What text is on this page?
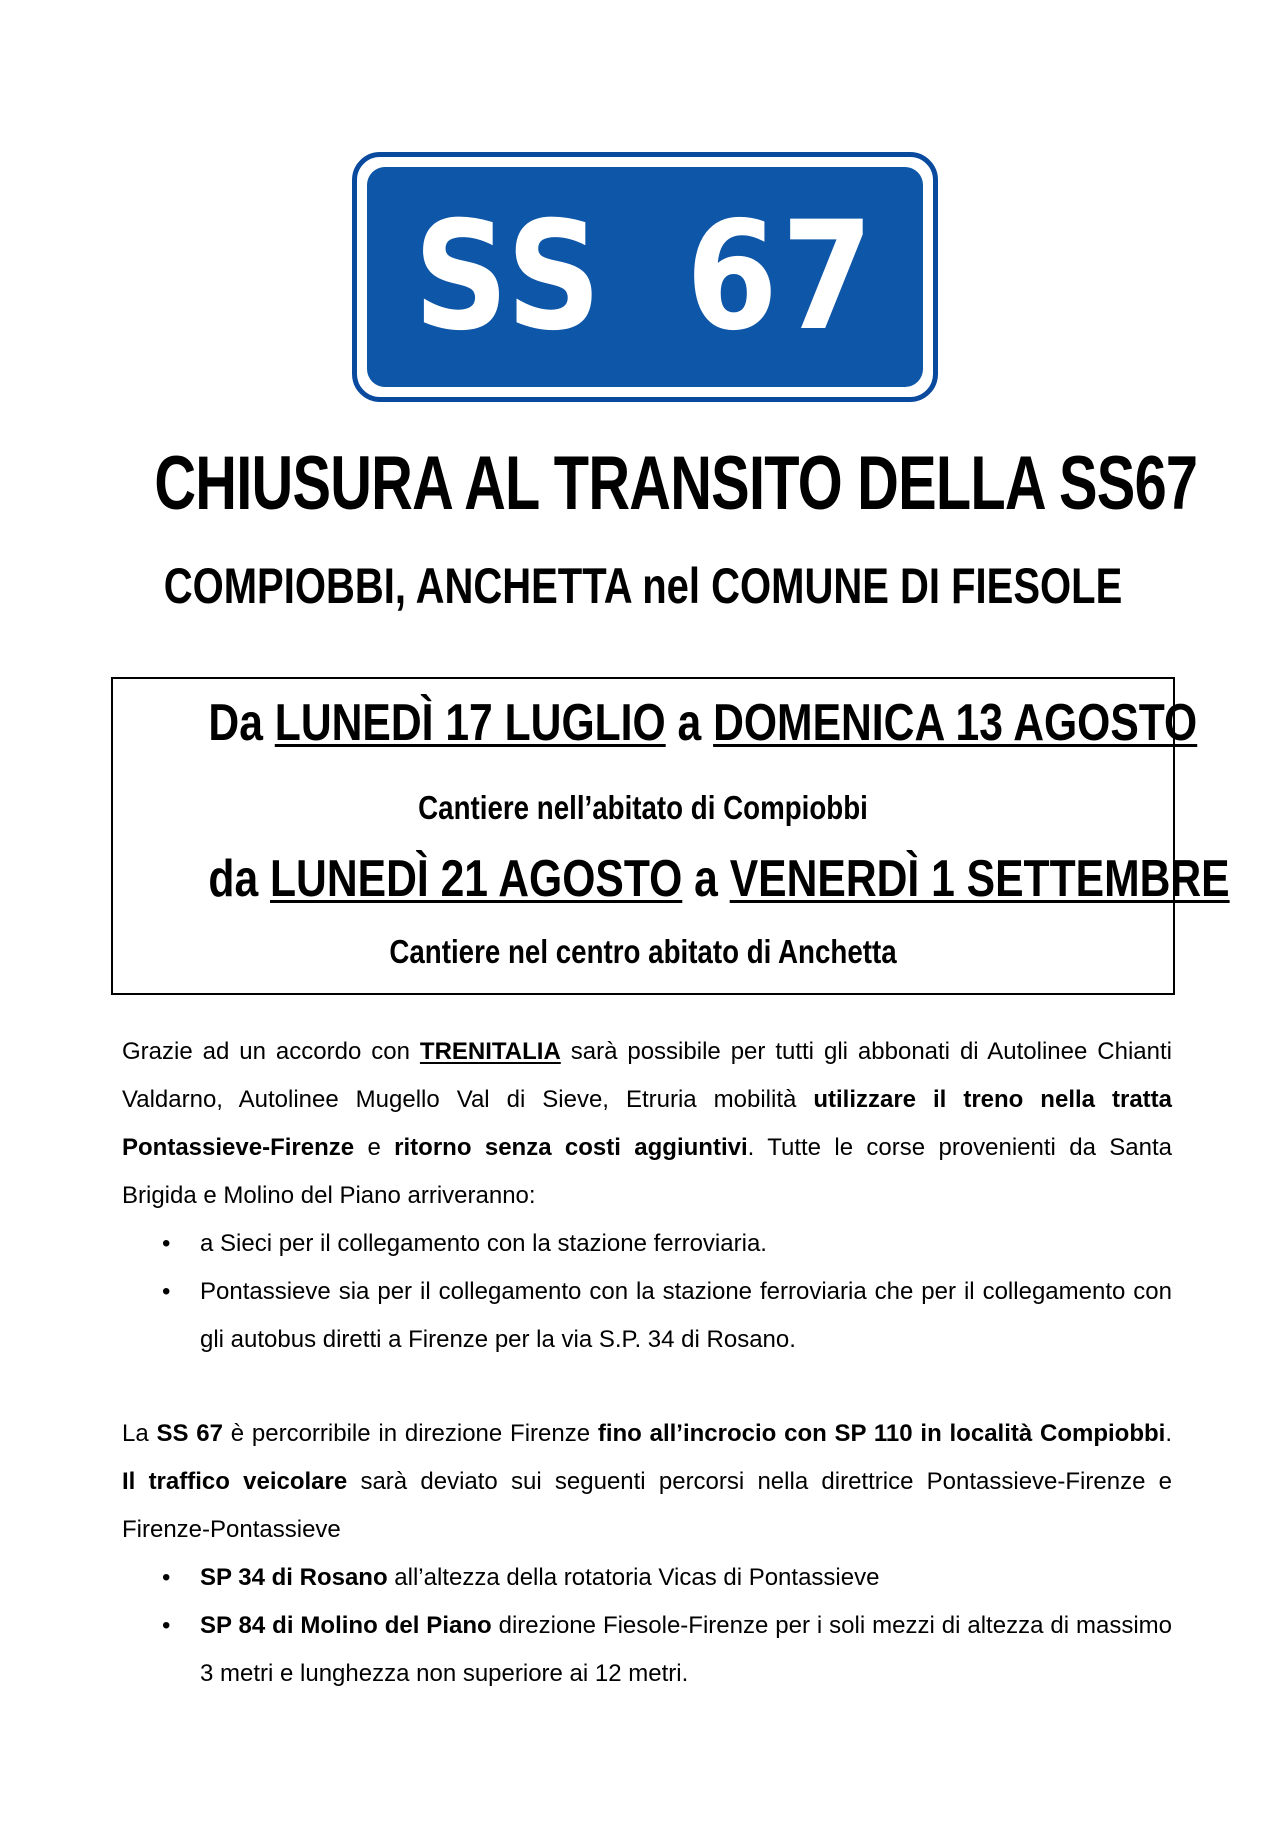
SS 67
CHIUSURA AL TRANSITO DELLA SS67
COMPIOBBI, ANCHETTA nel COMUNE DI FIESOLE
Da LUNEDÌ 17 LUGLIO a DOMENICA 13 AGOSTO
Cantiere nell’abitato di Compiobbi
da LUNEDÌ 21 AGOSTO a VENERDÌ 1 SETTEMBRE
Cantiere nel centro abitato di Anchetta

Grazie ad un accordo con TRENITALIA sarà possibile per tutti gli abbonati di Autolinee Chianti Valdarno, Autolinee Mugello Val di Sieve, Etruria mobilità utilizzare il treno nella tratta Pontassieve-Firenze e ritorno senza costi aggiuntivi. Tutte le corse provenienti da Santa Brigida e Molino del Piano arriveranno:

• a Sieci per il collegamento con la stazione ferroviaria.
• Pontassieve sia per il collegamento con la stazione ferroviaria che per il collegamento con gli autobus diretti a Firenze per la via S.P. 34 di Rosano.

La SS 67 è percorribile in direzione Firenze fino all’incrocio con SP 110 in località Compiobbi. Il traffico veicolare sarà deviato sui seguenti percorsi nella direttrice Pontassieve-Firenze e Firenze-Pontassieve

• SP 34 di Rosano all’altezza della rotatoria Vicas di Pontassieve
• SP 84 di Molino del Piano direzione Fiesole-Firenze per i soli mezzi di altezza di massimo 3 metri e lunghezza non superiore ai 12 metri.
